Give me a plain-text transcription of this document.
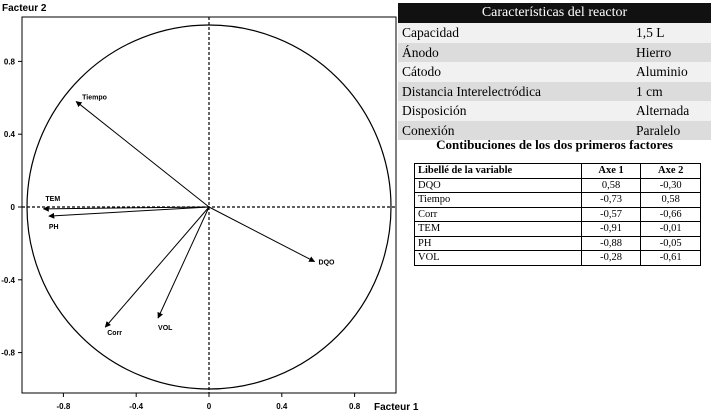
Facteur 2
Facteur 1
-0.8	-0.4	0	0.4	0.8
0.8
0.4
0
-0.4
-0.8
DQO
Tiempo
Corr
TEM
PH
VOL
Características del reactor	
Capacidad	1,5 L
Ánodo	Hierro
Cátodo	Aluminio
Distancia Interelectródica	1 cm
Disposición	Alternada
Conexión	Paralelo
Contibuciones de los dos primeros factores
Libellé de la variable	Axe 1	Axe 2
DQO	0,58	-0,30
Tiempo	-0,73	0,58
Corr	-0,57	-0,66
TEM	-0,91	-0,01
PH	-0,88	-0,05
VOL	-0,28	-0,61
